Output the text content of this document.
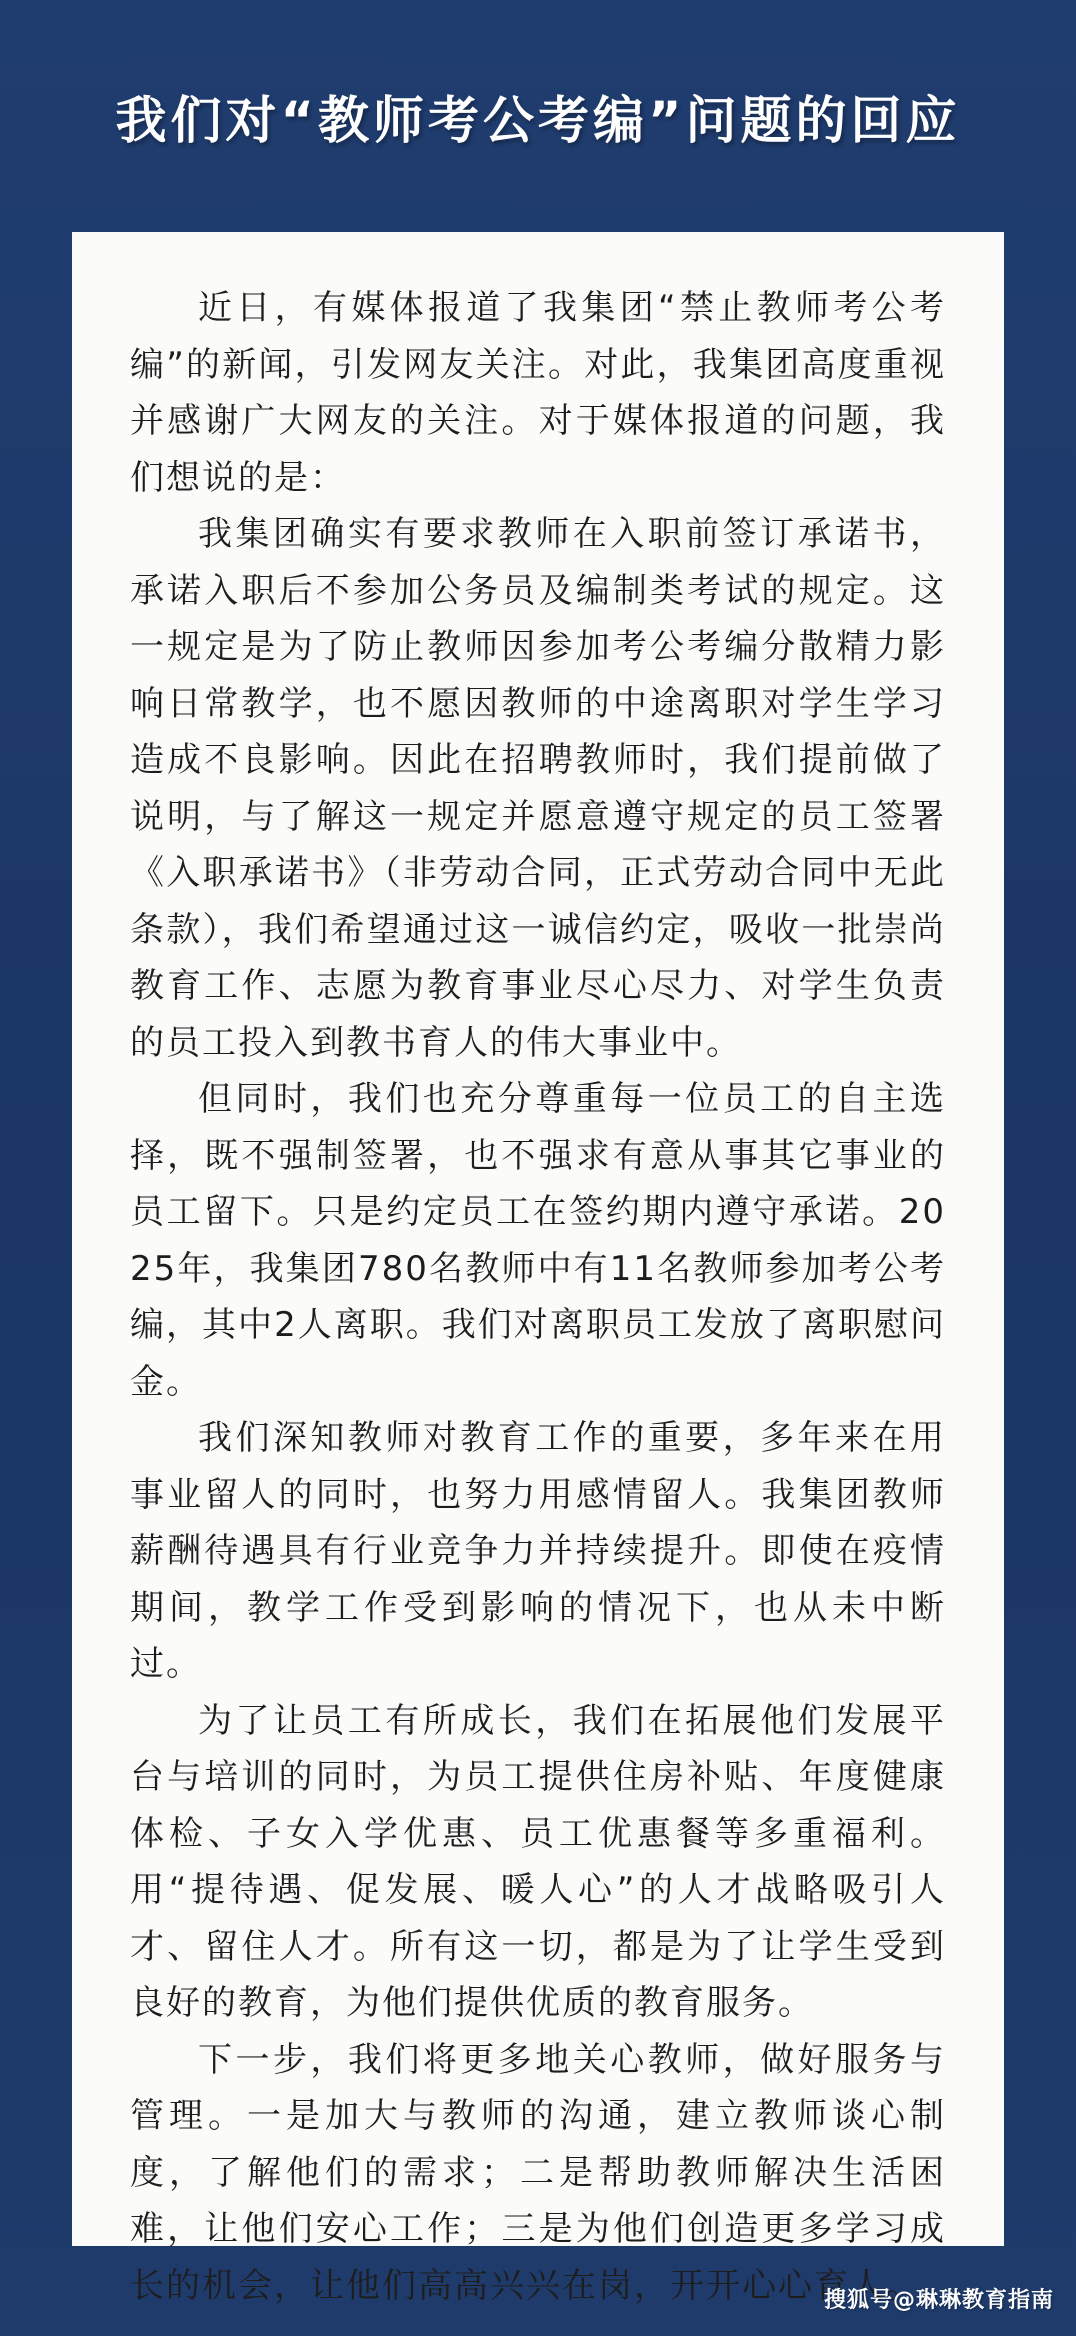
我们对“教师考公考编”问题的回应

近日，有媒体报道了我集团“禁止教师考公考编”的新闻，引发网友关注。对此，我集团高度重视并感谢广大网友的关注。对于媒体报道的问题，我们想说的是：

我集团确实有要求教师在入职前签订承诺书，承诺入职后不参加公务员及编制类考试的规定。这一规定是为了防止教师因参加考公考编分散精力影响日常教学，也不愿因教师的中途离职对学生学习造成不良影响。因此在招聘教师时，我们提前做了说明，与了解这一规定并愿意遵守规定的员工签署《入职承诺书》（非劳动合同，正式劳动合同中无此条款），我们希望通过这一诚信约定，吸收一批崇尚教育工作、志愿为教育事业尽心尽力、对学生负责的员工投入到教书育人的伟大事业中。

但同时，我们也充分尊重每一位员工的自主选择，既不强制签署，也不强求有意从事其它事业的员工留下。只是约定员工在签约期内遵守承诺。2025年，我集团780名教师中有11名教师参加考公考编，其中2人离职。我们对离职员工发放了离职慰问金。

我们深知教师对教育工作的重要，多年来在用事业留人的同时，也努力用感情留人。我集团教师薪酬待遇具有行业竞争力并持续提升。即使在疫情期间，教学工作受到影响的情况下，也从未中断过。

为了让员工有所成长，我们在拓展他们发展平台与培训的同时，为员工提供住房补贴、年度健康体检、子女入学优惠、员工优惠餐等多重福利。用“提待遇、促发展、暖人心”的人才战略吸引人才、留住人才。所有这一切，都是为了让学生受到良好的教育，为他们提供优质的教育服务。

下一步，我们将更多地关心教师，做好服务与管理。一是加大与教师的沟通，建立教师谈心制度，了解他们的需求；二是帮助教师解决生活困难，让他们安心工作；三是为他们创造更多学习成长的机会，让他们高高兴兴在岗，开开心心育人。

搜狐号@琳琳教育指南
